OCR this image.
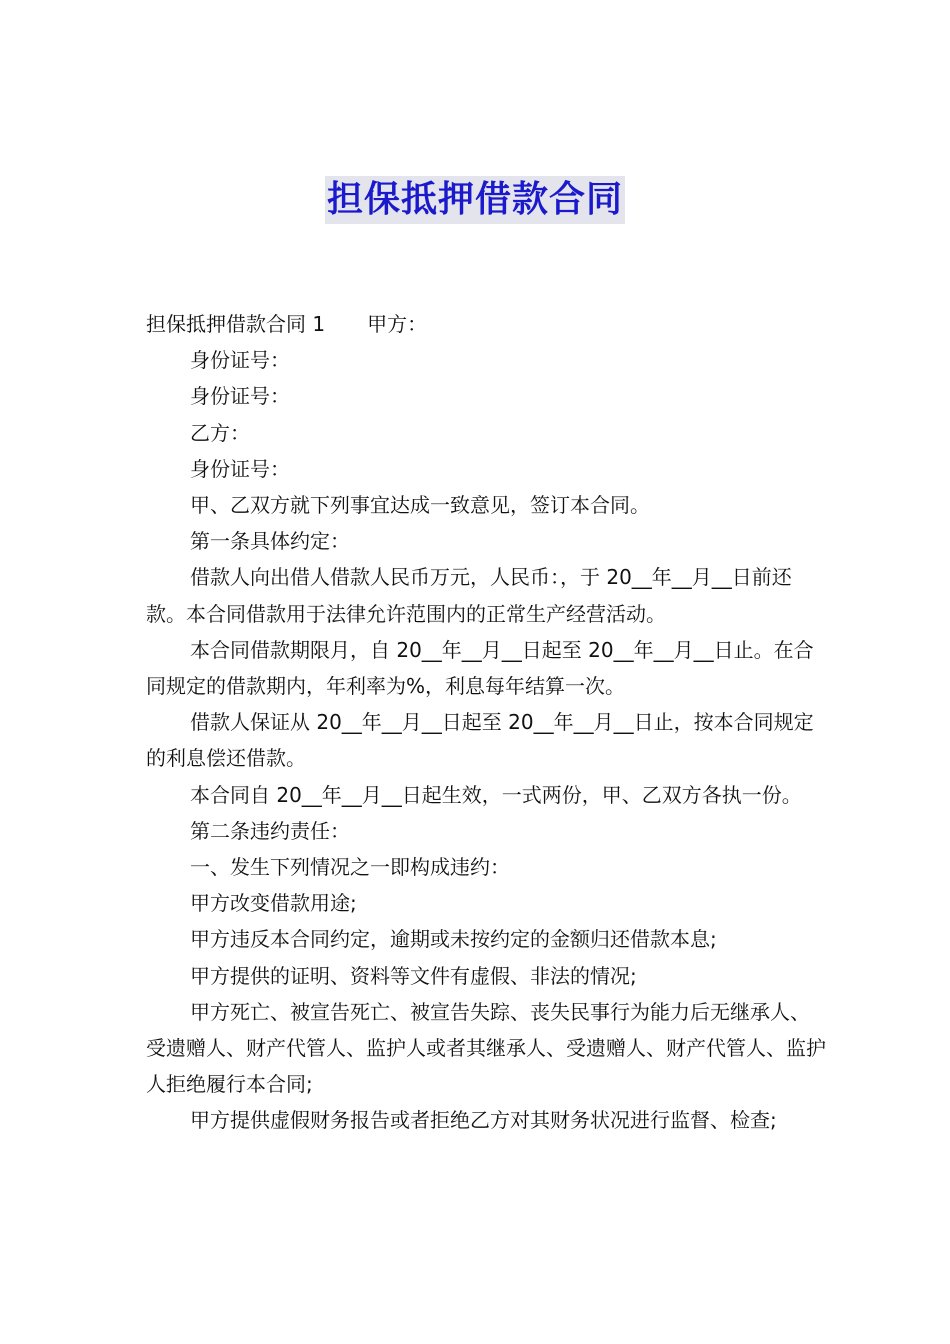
担保抵押借款合同

担保抵押借款合同 1 甲方：

身份证号：

身份证号：

乙方：

身份证号：

甲、乙双方就下列事宜达成一致意见，签订本合同。

第一条具体约定：

借款人向出借人借款人民币万元，人民币：，于 20__年__月__日前还款。本合同借款用于法律允许范围内的正常生产经营活动。

本合同借款期限月，自 20__年__月__日起至 20__年__月__日止。在合同规定的借款期内，年利率为%，利息每年结算一次。

借款人保证从 20__年__月__日起至 20__年__月__日止，按本合同规定的利息偿还借款。

本合同自 20__年__月__日起生效，一式两份，甲、乙双方各执一份。

第二条违约责任：

一、发生下列情况之一即构成违约：

甲方改变借款用途;

甲方违反本合同约定，逾期或未按约定的金额归还借款本息;

甲方提供的证明、资料等文件有虚假、非法的情况;

甲方死亡、被宣告死亡、被宣告失踪、丧失民事行为能力后无继承人、受遗赠人、财产代管人、监护人或者其继承人、受遗赠人、财产代管人、监护人拒绝履行本合同;

甲方提供虚假财务报告或者拒绝乙方对其财务状况进行监督、检查;
